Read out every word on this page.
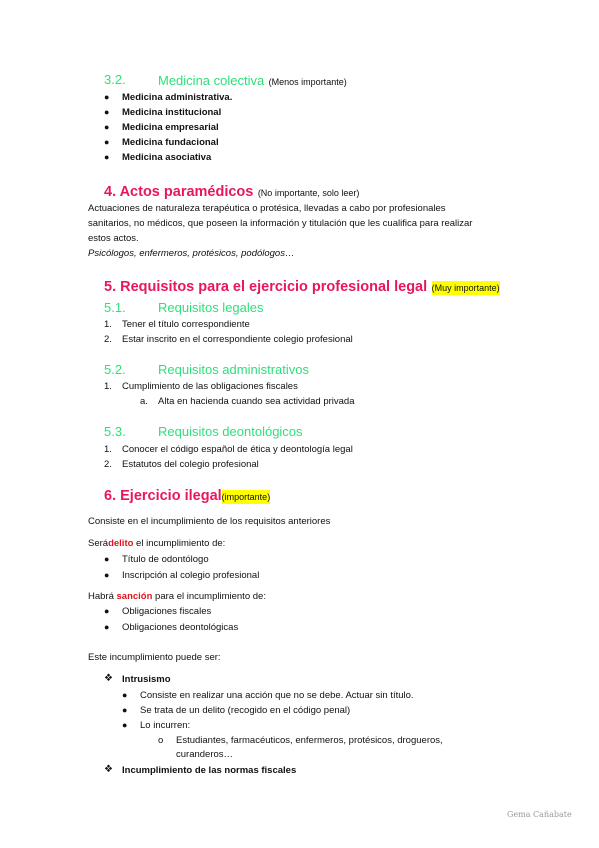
3.2. Medicina colectiva (Menos importante)
● Medicina administrativa.
● Medicina institucional
● Medicina empresarial
● Medicina fundacional
● Medicina asociativa
4. Actos paramédicos (No importante, solo leer)
Actuaciones de naturaleza terapéutica o protésica, llevadas a cabo por profesionales
sanitarios, no médicos, que poseen la información y titulación que les cualifica para realizar
estos actos.
Psicólogos, enfermeros, protésicos, podólogos…
5. Requisitos para el ejercicio profesional legal (Muy importante)
5.1. Requisitos legales
1. Tener el título correspondiente
2. Estar inscrito en el correspondiente colegio profesional
5.2. Requisitos administrativos
1. Cumplimiento de las obligaciones fiscales
a. Alta en hacienda cuando sea actividad privada
5.3. Requisitos deontológicos
1. Conocer el código español de ética y deontología legal
2. Estatutos del colegio profesional
6. Ejercicio ilegal(importante)
Consiste en el incumplimiento de los requisitos anteriores
Serádelito el incumplimiento de:
● Título de odontólogo
● Inscripción al colegio profesional
Habrá sanción para el incumplimiento de:
● Obligaciones fiscales
● Obligaciones deontológicas
Este incumplimiento puede ser:
❖ Intrusismo
● Consiste en realizar una acción que no se debe. Actuar sin título.
● Se trata de un delito (recogido en el código penal)
● Lo incurren:
o Estudiantes, farmacéuticos, enfermeros, protésicos, drogueros,
curanderos…
❖ Incumplimiento de las normas fiscales
Gema Cañabate
